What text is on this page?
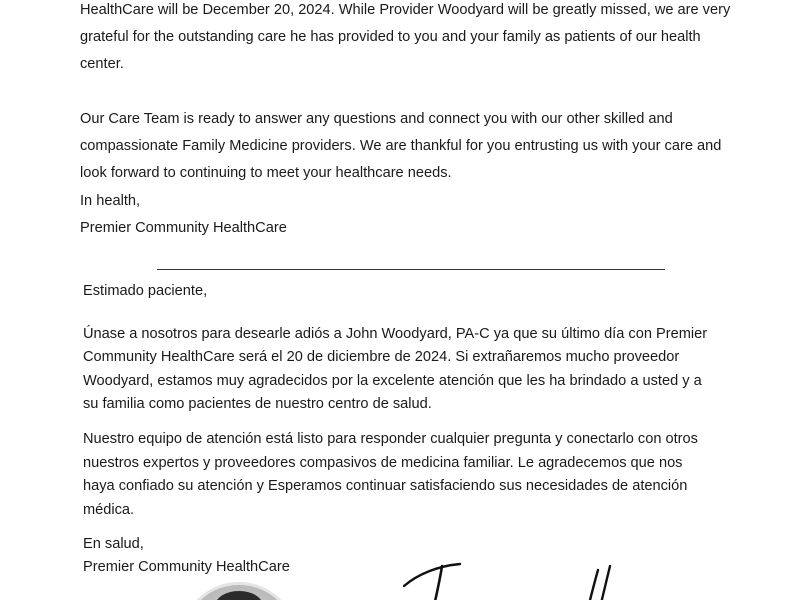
HealthCare will be December 20, 2024. While Provider Woodyard will be greatly missed, we are very

grateful for the outstanding care he has provided to you and your family as patients of our health

center.

Our Care Team is ready to answer any questions and connect you with our other skilled and

compassionate Family Medicine providers. We are thankful for you entrusting us with your care and

look forward to continuing to meet your healthcare needs.

In health,

Premier Community HealthCare

Estimado paciente,

Únase a nosotros para desearle adiós a John Woodyard, PA-C ya que su último día con Premier

Community HealthCare será el 20 de diciembre de 2024. Si extrañaremos mucho proveedor

Woodyard, estamos muy agradecidos por la excelente atención que les ha brindado a usted y a

su familia como pacientes de nuestro centro de salud.

Nuestro equipo de atención está listo para responder cualquier pregunta y conectarlo con otros

nuestros expertos y proveedores compasivos de medicina familiar. Le agradecemos que nos

haya confiado su atención y Esperamos continuar satisfaciendo sus necesidades de atención

médica.

En salud,

Premier Community HealthCare
